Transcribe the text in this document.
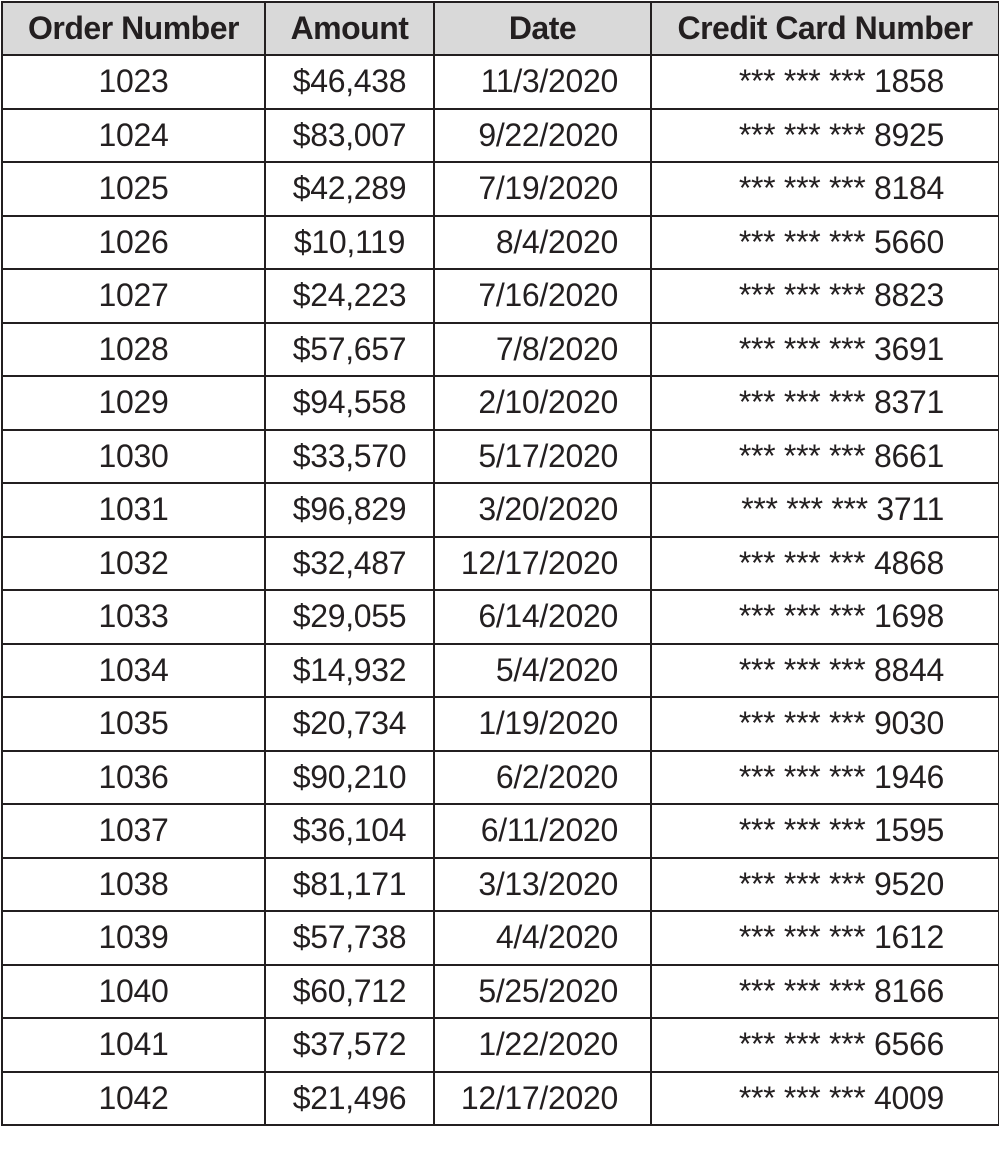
Order Number	Amount	Date	Credit Card Number
1023	$46,438	11/3/2020	*** *** *** 1858
1024	$83,007	9/22/2020	*** *** *** 8925
1025	$42,289	7/19/2020	*** *** *** 8184
1026	$10,119	8/4/2020	*** *** *** 5660
1027	$24,223	7/16/2020	*** *** *** 8823
1028	$57,657	7/8/2020	*** *** *** 3691
1029	$94,558	2/10/2020	*** *** *** 8371
1030	$33,570	5/17/2020	*** *** *** 8661
1031	$96,829	3/20/2020	*** *** *** 3711
1032	$32,487	12/17/2020	*** *** *** 4868
1033	$29,055	6/14/2020	*** *** *** 1698
1034	$14,932	5/4/2020	*** *** *** 8844
1035	$20,734	1/19/2020	*** *** *** 9030
1036	$90,210	6/2/2020	*** *** *** 1946
1037	$36,104	6/11/2020	*** *** *** 1595
1038	$81,171	3/13/2020	*** *** *** 9520
1039	$57,738	4/4/2020	*** *** *** 1612
1040	$60,712	5/25/2020	*** *** *** 8166
1041	$37,572	1/22/2020	*** *** *** 6566
1042	$21,496	12/17/2020	*** *** *** 4009
